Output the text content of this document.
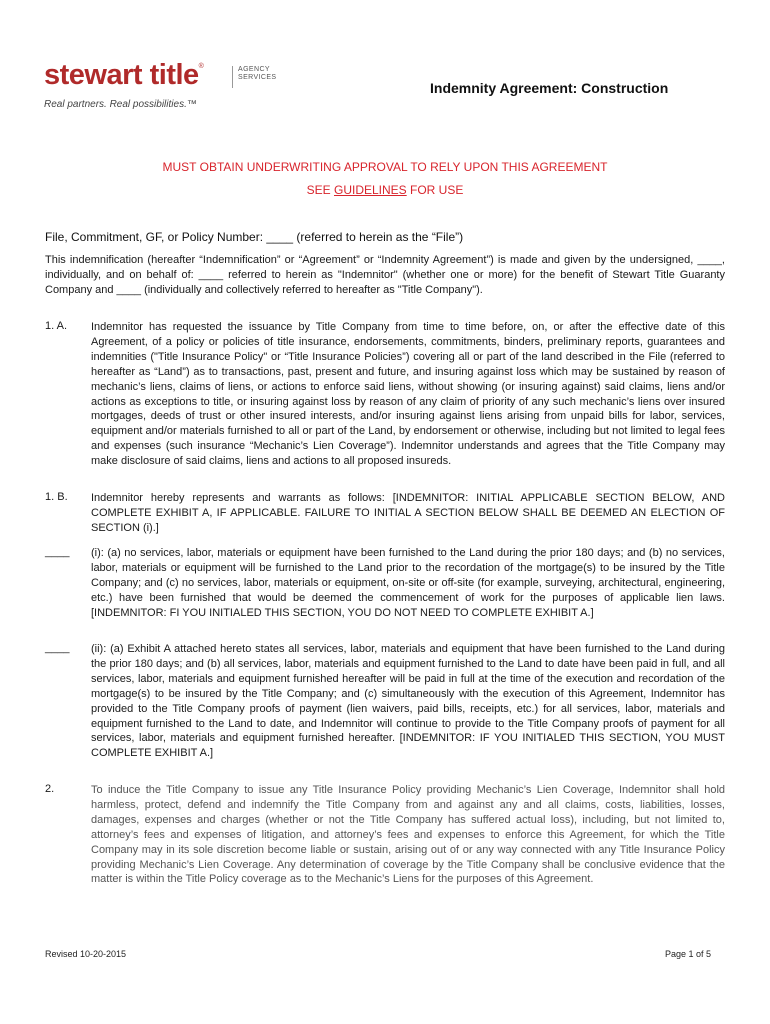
stewart title®	AGENCY
SERVICES
Real partners. Real possibilities.™
Indemnity Agreement: Construction
MUST OBTAIN UNDERWRITING APPROVAL TO RELY UPON THIS AGREEMENT
SEE GUIDELINES FOR USE
File, Commitment, GF, or Policy Number: ____ (referred to herein as the “File”)
This indemnification (hereafter “Indemnification” or “Agreement” or “Indemnity Agreement”) is made and given by the undersigned, ____, individually, and on behalf of: ____ referred to herein as "Indemnitor" (whether one or more) for the benefit of Stewart Title Guaranty Company and ____ (individually and collectively referred to hereafter as "Title Company").
1. A. Indemnitor has requested the issuance by Title Company from time to time before, on, or after the effective date of this Agreement, of a policy or policies of title insurance, endorsements, commitments, binders, preliminary reports, guarantees and indemnities ("Title Insurance Policy" or “Title Insurance Policies”) covering all or part of the land described in the File (referred to hereafter as “Land”) as to transactions, past, present and future, and insuring against loss which may be sustained by reason of mechanic’s liens, claims of liens, or actions to enforce said liens, without showing (or insuring against) said claims, liens and/or actions as exceptions to title, or insuring against loss by reason of any claim of priority of any such mechanic’s liens over insured mortgages, deeds of trust or other insured interests, and/or insuring against liens arising from unpaid bills for labor, services, equipment and/or materials furnished to all or part of the Land, by endorsement or otherwise, including but not limited to legal fees and expenses (such insurance “Mechanic’s Lien Coverage”). Indemnitor understands and agrees that the Title Company may make disclosure of said claims, liens and actions to all proposed insureds.
1. B. Indemnitor hereby represents and warrants as follows: [INDEMNITOR: INITIAL APPLICABLE SECTION BELOW, AND COMPLETE EXHIBIT A, IF APPLICABLE. FAILURE TO INITIAL A SECTION BELOW SHALL BE DEEMED AN ELECTION OF SECTION (i).]
____ (i): (a) no services, labor, materials or equipment have been furnished to the Land during the prior 180 days; and (b) no services, labor, materials or equipment will be furnished to the Land prior to the recordation of the mortgage(s) to be insured by the Title Company; and (c) no services, labor, materials or equipment, on-site or off-site (for example, surveying, architectural, engineering, etc.) have been furnished that would be deemed the commencement of work for the purposes of applicable lien laws. [INDEMNITOR: FI YOU INITIALED THIS SECTION, YOU DO NOT NEED TO COMPLETE EXHIBIT A.]
____ (ii): (a) Exhibit A attached hereto states all services, labor, materials and equipment that have been furnished to the Land during the prior 180 days; and (b) all services, labor, materials and equipment furnished to the Land to date have been paid in full, and all services, labor, materials and equipment furnished hereafter will be paid in full at the time of the execution and recordation of the mortgage(s) to be insured by the Title Company; and (c) simultaneously with the execution of this Agreement, Indemnitor has provided to the Title Company proofs of payment (lien waivers, paid bills, receipts, etc.) for all services, labor, materials and equipment furnished to the Land to date, and Indemnitor will continue to provide to the Title Company proofs of payment for all services, labor, materials and equipment furnished hereafter. [INDEMNITOR: IF YOU INITIALED THIS SECTION, YOU MUST COMPLETE EXHIBIT A.]
2.	To induce the Title Company to issue any Title Insurance Policy providing Mechanic’s Lien Coverage, Indemnitor shall hold harmless, protect, defend and indemnify the Title Company from and against any and all claims, costs, liabilities, losses, damages, expenses and charges (whether or not the Title Company has suffered actual loss), including, but not limited to, attorney’s fees and expenses of litigation, and attorney’s fees and expenses to enforce this Agreement, for which the Title Company may in its sole discretion become liable or sustain, arising out of or any way connected with any Title Insurance Policy providing Mechanic’s Lien Coverage. Any determination of coverage by the Title Company shall be conclusive evidence that the matter is within the Title Policy coverage as to the Mechanic’s Liens for the purposes of this Agreement.
Revised 10-20-2015	Page 1 of 5
